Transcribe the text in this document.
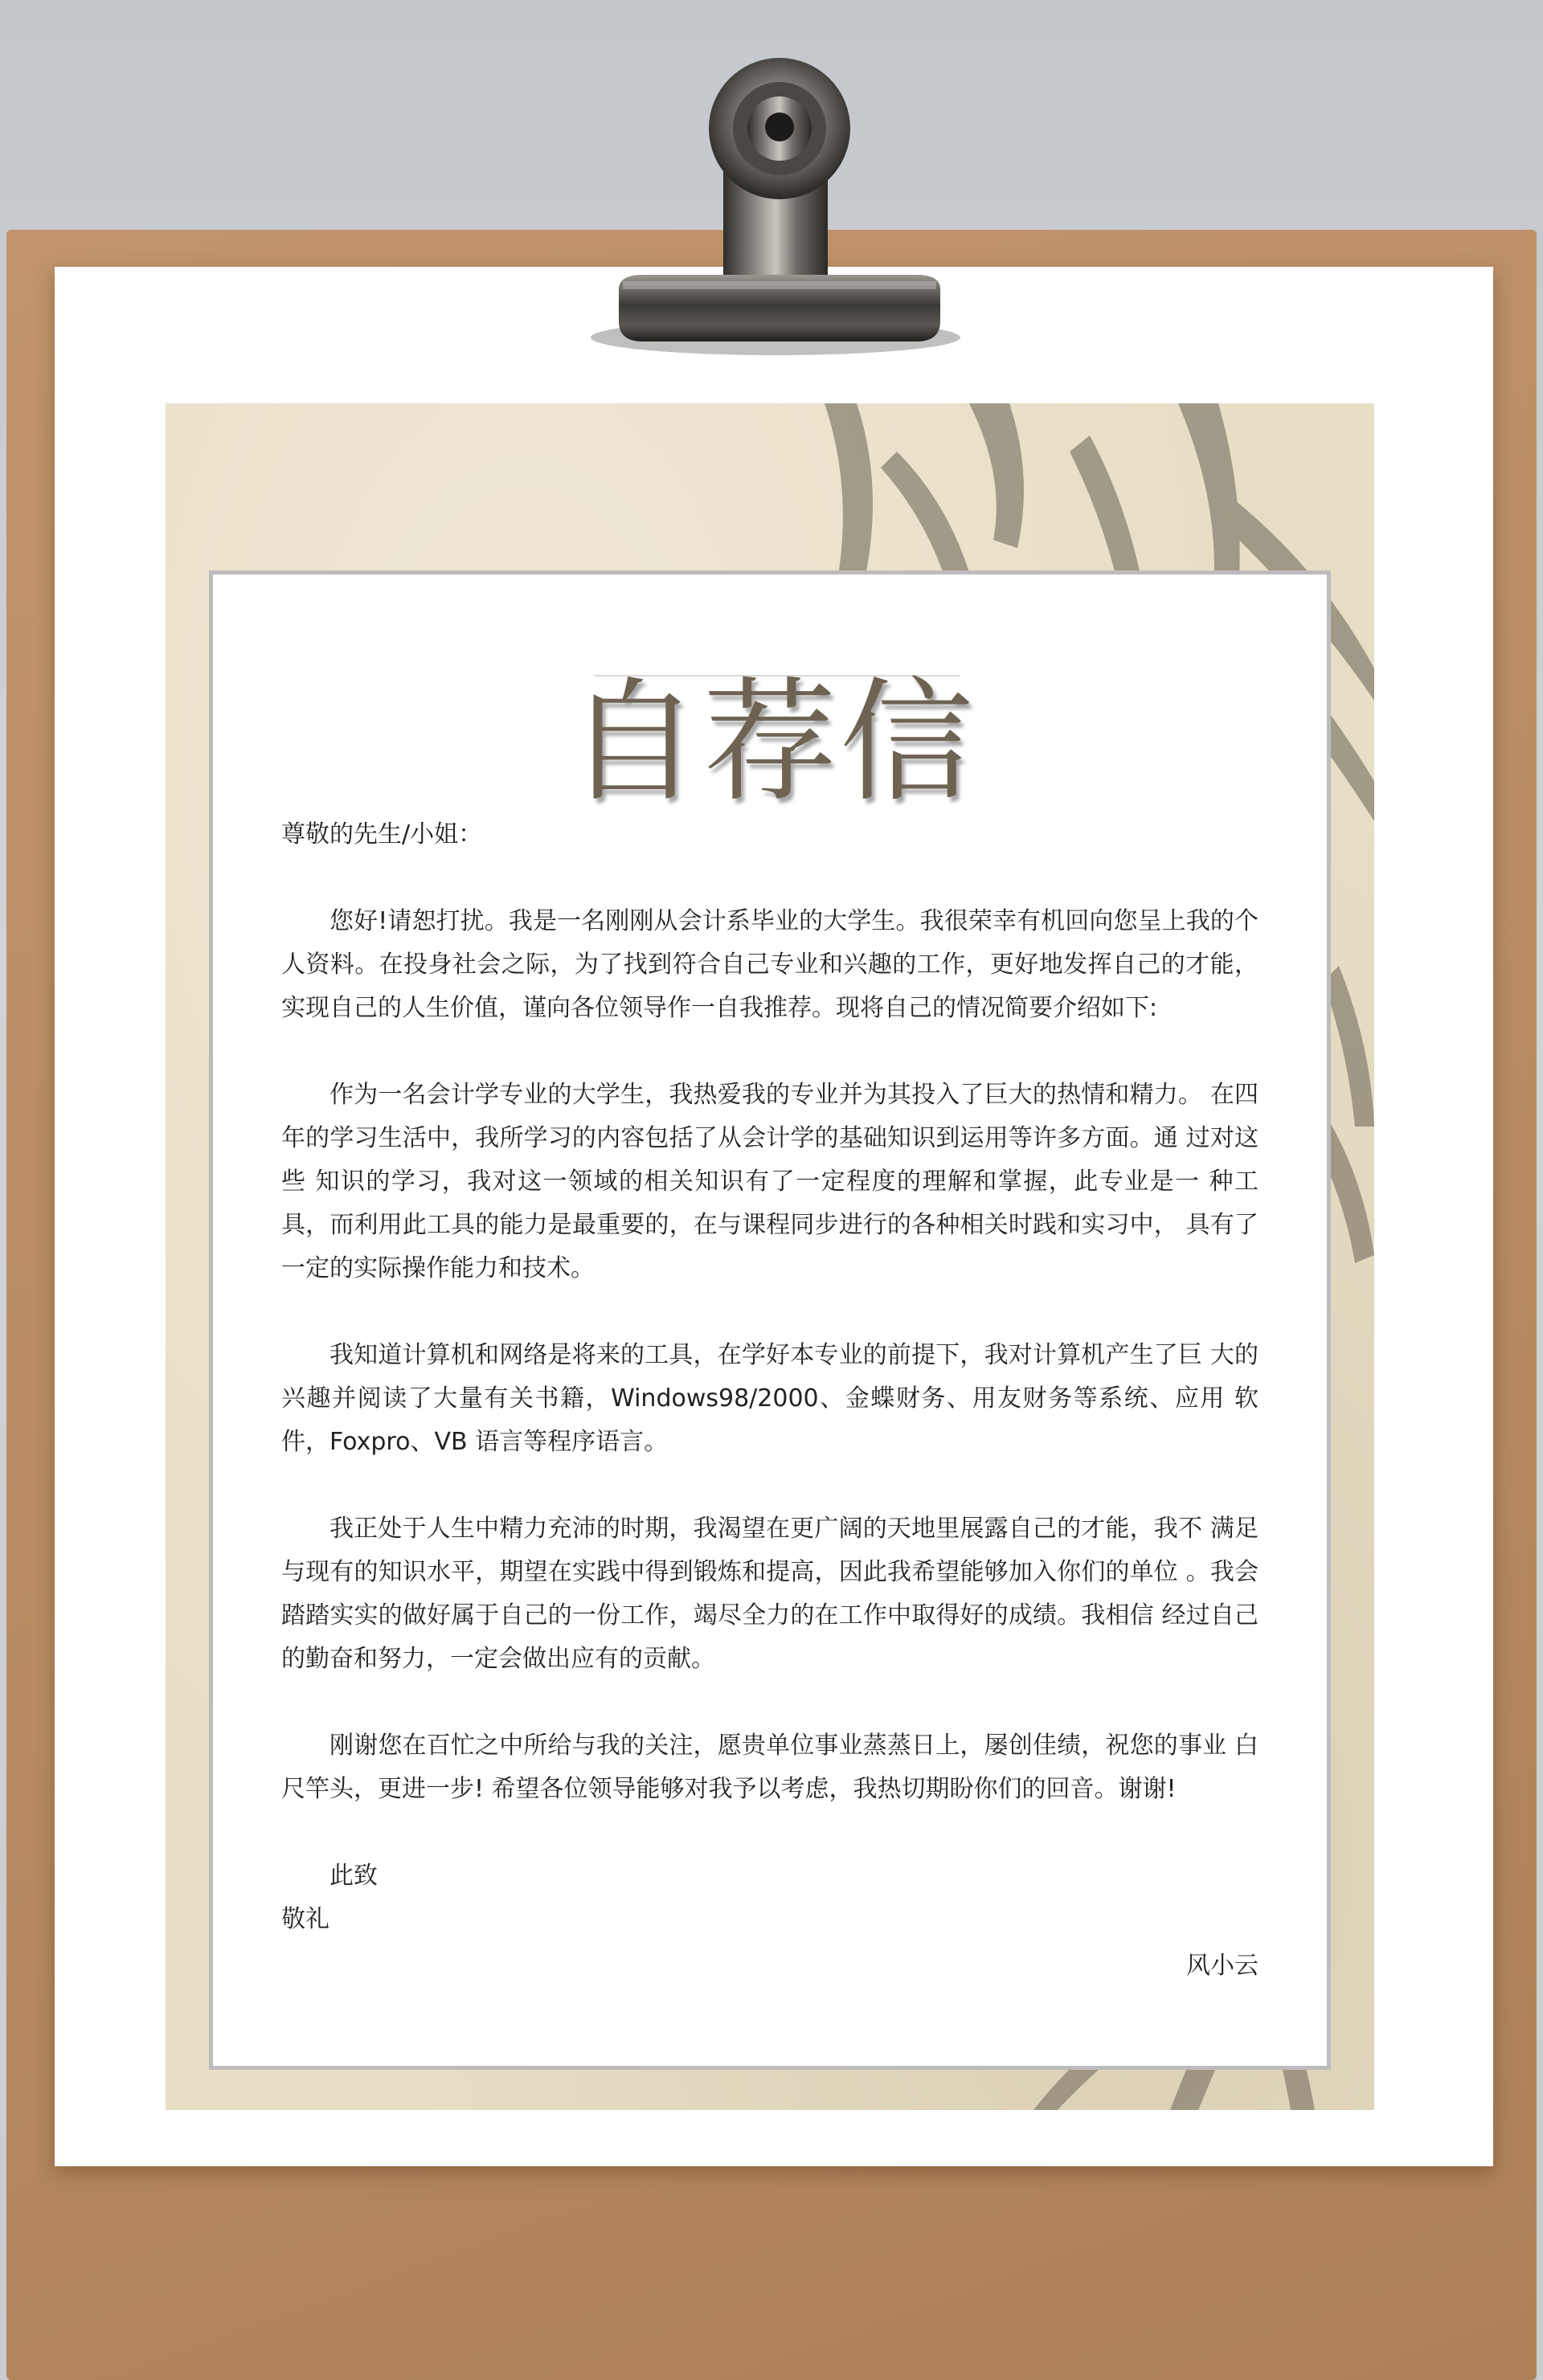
自荐信

尊敬的先生/小姐：

您好!请恕打扰。我是一名刚刚从会计系毕业的大学生。我很荣幸有机回向您呈上我的个人资料。在投身社会之际，为了找到符合自己专业和兴趣的工作，更好地发挥自己的才能，实现自己的人生价值，谨向各位领导作一自我推荐。现将自己的情况简要介绍如下:

作为一名会计学专业的大学生，我热爱我的专业并为其投入了巨大的热情和精力。 在四年的学习生活中，我所学习的内容包括了从会计学的基础知识到运用等许多方面。通 过对这些 知识的学习，我对这一领域的相关知识有了一定程度的理解和掌握，此专业是一 种工具，而利用此工具的能力是最重要的，在与课程同步进行的各种相关时践和实习中， 具有了一定的实际操作能力和技术。

我知道计算机和网络是将来的工具，在学好本专业的前提下，我对计算机产生了巨 大的兴趣并阅读了大量有关书籍，Windows98/2000、金蝶财务、用友财务等系统、应用 软件，Foxpro、VB 语言等程序语言。

我正处于人生中精力充沛的时期，我渴望在更广阔的天地里展露自己的才能，我不 满足与现有的知识水平，期望在实践中得到锻炼和提高，因此我希望能够加入你们的单位 。我会踏踏实实的做好属于自己的一份工作，竭尽全力的在工作中取得好的成绩。我相信 经过自己的勤奋和努力，一定会做出应有的贡献。

刚谢您在百忙之中所给与我的关注，愿贵单位事业蒸蒸日上，屡创佳绩，祝您的事业 白尺竿头，更进一步! 希望各位领导能够对我予以考虑，我热切期盼你们的回音。谢谢!

此致

敬礼

风小云
